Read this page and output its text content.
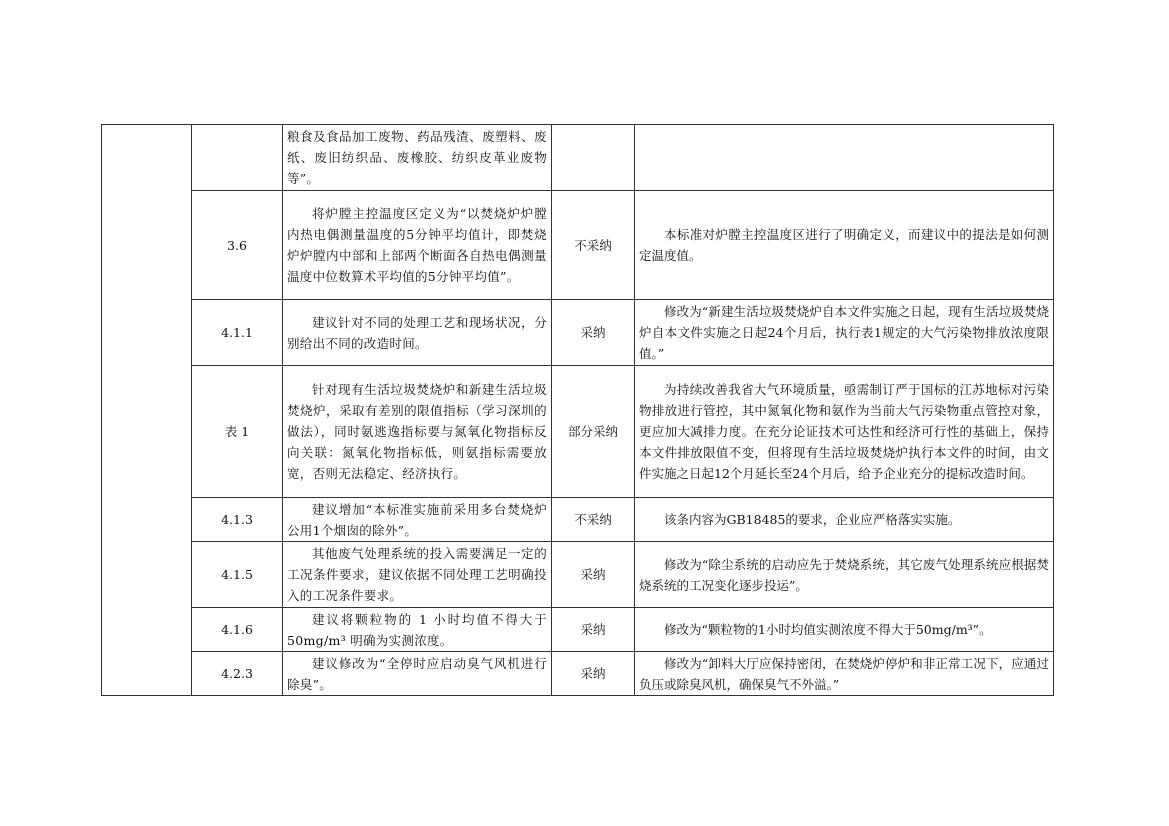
		粮食及食品加工废物、药品残渣、废塑料、废纸、废旧纺织品、废橡胶、纺织皮革业废物等”。		
	3.6	将炉膛主控温度区定义为“以焚烧炉炉膛内热电偶测量温度的5分钟平均值计，即焚烧炉炉膛内中部和上部两个断面各自热电偶测量温度中位数算术平均值的5分钟平均值”。	不采纳	本标准对炉膛主控温度区进行了明确定义，而建议中的提法是如何测定温度值。
	4.1.1	建议针对不同的处理工艺和现场状况，分别给出不同的改造时间。	采纳	修改为“新建生活垃圾焚烧炉自本文件实施之日起，现有生活垃圾焚烧炉自本文件实施之日起24个月后，执行表1规定的大气污染物排放浓度限值。”
	表 1	针对现有生活垃圾焚烧炉和新建生活垃圾焚烧炉，采取有差别的限值指标（学习深圳的做法），同时氨逃逸指标要与氮氧化物指标反向关联：氮氧化物指标低，则氨指标需要放宽，否则无法稳定、经济执行。	部分采纳	为持续改善我省大气环境质量，亟需制订严于国标的江苏地标对污染物排放进行管控，其中氮氧化物和氨作为当前大气污染物重点管控对象，更应加大减排力度。在充分论证技术可达性和经济可行性的基础上，保持本文件排放限值不变，但将现有生活垃圾焚烧炉执行本文件的时间，由文件实施之日起12个月延长至24个月后，给予企业充分的提标改造时间。
	4.1.3	建议增加“本标准实施前采用多台焚烧炉公用1个烟囱的除外”。	不采纳	该条内容为GB18485的要求，企业应严格落实实施。
	4.1.5	其他废气处理系统的投入需要满足一定的工况条件要求，建议依据不同处理工艺明确投入的工况条件要求。	采纳	修改为“除尘系统的启动应先于焚烧系统，其它废气处理系统应根据焚烧系统的工况变化逐步投运”。
	4.1.6	建议将颗粒物的 1 小时均值不得大于 50mg/m³ 明确为实测浓度。	采纳	修改为“颗粒物的1小时均值实测浓度不得大于50mg/m³”。
	4.2.3	建议修改为“全停时应启动臭气风机进行除臭”。	采纳	修改为“卸料大厅应保持密闭，在焚烧炉停炉和非正常工况下，应通过负压或除臭风机，确保臭气不外溢。”
